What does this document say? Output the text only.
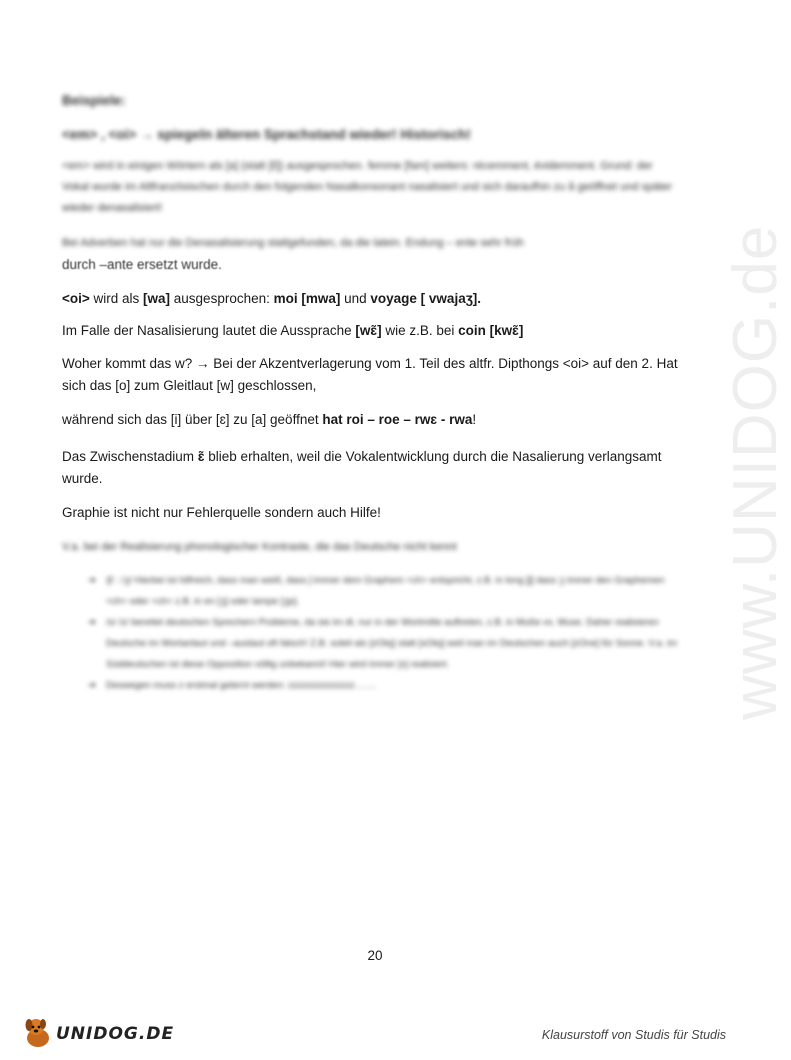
www.UNIDOG.de
Beispiele:
<em> , <oi> → spiegeln älteren Sprachstand wieder! Historisch!
<em> wird in einigen Wörtern als [a] (statt [ɛ̃]) ausgesprochen. femme [fam] weiters: récemment, évidemment. Grund: der Vokal wurde im Altfranzösischen durch den folgenden Nasalkonsonant nasalisiert und sich daraufhin zu ã geöffnet und später wieder denasalisiert!
Bei Adverben hat nur die Denasalisierung stattgefunden, da die latein. Endung – ente sehr früh
durch –ante ersetzt wurde.
<oi> wird als [wa] ausgesprochen: moi [mwa] und voyage [ vwajaʒ].
Im Falle der Nasalisierung lautet die Aussprache [wɛ̃] wie z.B. bei coin [kwɛ̃]
Woher kommt das w? → Bei der Akzentverlagerung vom 1. Teil des altfr. Dipthongs <oi> auf den 2. Hat sich das [o] zum Gleitlaut [w] geschlossen,
während sich das [i] über [ɛ] zu [a] geöffnet hat roi – roe – rwɛ - rwa!
Das Zwischenstadium ɛ̃ blieb erhalten, weil die Vokalentwicklung durch die Nasalierung verlangsamt wurde.
Graphie ist nicht nur Fehlerquelle sondern auch Hilfe!
V.a. bei der Realisierung phonologischer Kontraste, die das Deutsche nicht kennt
➔ /ʃ/ : /ʒ/ Hierbei ist hilfreich, dass man weiß, dass ʃ immer dem Graphem <ch> entspricht, z.B. in long [ʃ] dass ʒ immer den Graphemen <ch> oder <ch> z.B. in en [ʒ] oder lampe [ʒp].
➔ /s/ /z/ bereitet deutschen Sprechern Probleme, da sie im dt. nur in der Wortmitte auftreten, z.B. in Muße vs. Muse. Daher realisieren Deutsche im Wortanlaut und –auslaut oft falsch! Z.B. soleil als [zOlɛj] statt [sOlɛj] weil man im Deutschen auch [zOne] für Sonne. V.a. im Süddeutschen ist diese Opposition völlig unbekannt! Hier wird immer [s] realisiert.
➔ Deswegen muss z erstmal gelernt werden: zzzzzzzzzzzzzz…….
20
UNIDOG.DE	Klausurstoff von Studis für Studis
